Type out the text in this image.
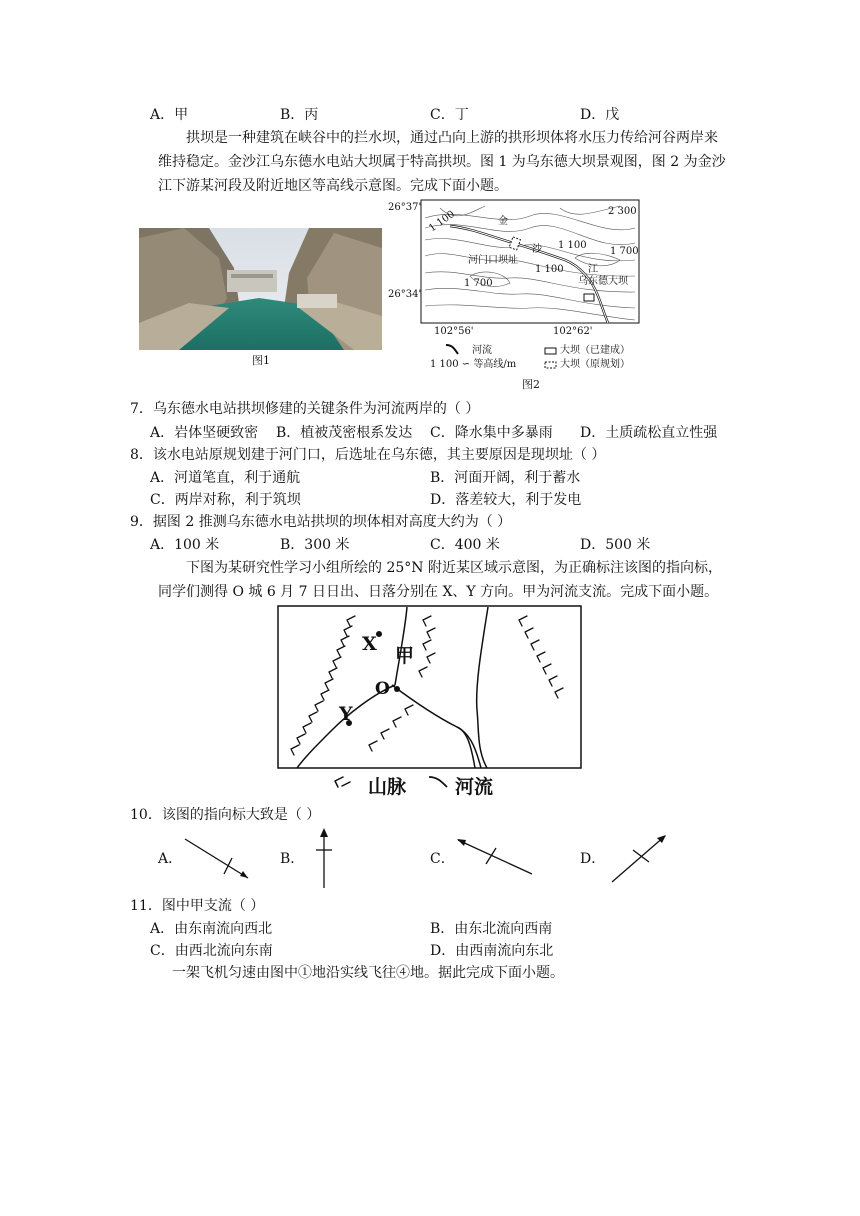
A．甲	B．丙	C．丁	D．戊
拱坝是一种建筑在峡谷中的拦水坝，通过凸向上游的拱形坝体将水压力传给河谷两岸来维持稳定。金沙江乌东德水电站大坝属于特高拱坝。图 1 为乌东德大坝景观图，图 2 为金沙江下游某河段及附近地区等高线示意图。完成下面小题。
图1
26°37'
26°34'
102°56'	102°62'
1 100	2 300
1 100
1 700
1 100
1 700
金
沙
江
河门口坝址
乌东德大坝
河流
1 100 ∽ 等高线/m
大坝（已建成）
大坝（原规划）
图2
7．乌东德水电站拱坝修建的关键条件为河流两岸的（ ）
A．岩体坚硬致密 B．植被茂密根系发达 C．降水集中多暴雨 D．土质疏松直立性强
8．该水电站原规划建于河门口，后选址在乌东德，其主要原因是现坝址（ ）
A．河道笔直，利于通航	B．河面开阔，利于蓄水
C．两岸对称，利于筑坝	D．落差较大，利于发电
9．据图 2 推测乌东德水电站拱坝的坝体相对高度大约为（ ）
A．100 米	B．300 米	C．400 米	D．500 米
下图为某研究性学习小组所绘的 25°N 附近某区域示意图，为正确标注该图的指向标，同学们测得 O 城 6 月 7 日日出、日落分别在 X、Y 方向。甲为河流支流。完成下面小题。
X
甲
O
Y
山脉	河流
10．该图的指向标大致是（ ）
A．	B．	C．	D．
11．图中甲支流（ ）
A．由东南流向西北	B．由东北流向西南
C．由西北流向东南	D．由西南流向东北
一架飞机匀速由图中①地沿实线飞往④地。据此完成下面小题。
